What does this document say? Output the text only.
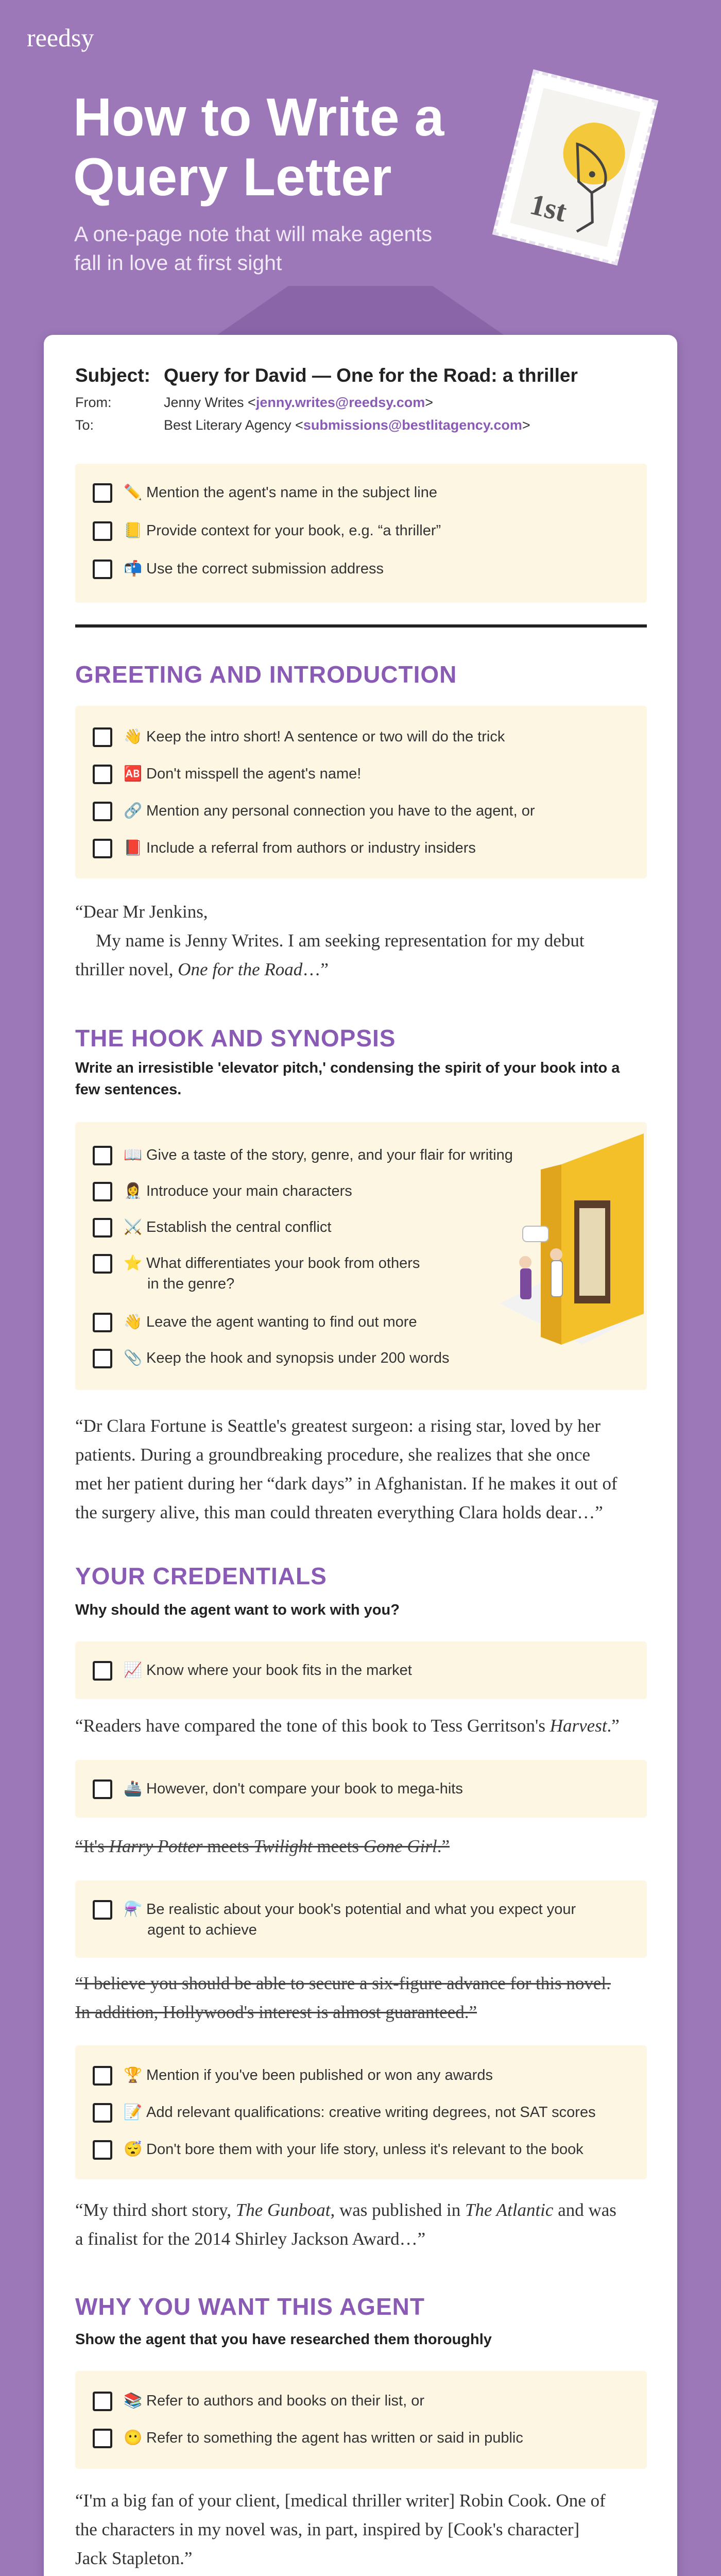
reedsy
How to Write a
Query Letter
A one-page note that will make agents
fall in love at first sight
1st
Subject: Query for David — One for the Road: a thriller
From:	Jenny Writes <jenny.writes@reedsy.com>
To:	Best Literary Agency <submissions@bestlitagency.com>
✏️ Mention the agent's name in the subject line
📒 Provide context for your book, e.g. “a thriller”
📬 Use the correct submission address
GREETING AND INTRODUCTION
👋 Keep the intro short! A sentence or two will do the trick
🆎 Don't misspell the agent's name!
🔗 Mention any personal connection you have to the agent, or
📕 Include a referral from authors or industry insiders
“Dear Mr Jenkins,
My name is Jenny Writes. I am seeking representation for my debut
thriller novel, One for the Road…”
THE HOOK AND SYNOPSIS
Write an irresistible 'elevator pitch,' condensing the spirit of your book into a
few sentences.
📖 Give a taste of the story, genre, and your flair for writing
👩‍⚕️ Introduce your main characters
⚔️ Establish the central conflict
⭐ What differentiates your book from others
in the genre?
👋 Leave the agent wanting to find out more
📎 Keep the hook and synopsis under 200 words
“Dr Clara Fortune is Seattle's greatest surgeon: a rising star, loved by her
patients. During a groundbreaking procedure, she realizes that she once
met her patient during her “dark days” in Afghanistan. If he makes it out of
the surgery alive, this man could threaten everything Clara holds dear…”
YOUR CREDENTIALS
Why should the agent want to work with you?
📈 Know where your book fits in the market
“Readers have compared the tone of this book to Tess Gerritson's Harvest.”
🚢 However, don't compare your book to mega-hits
“It's Harry Potter meets Twilight meets Gone Girl.”
⚗️ Be realistic about your book's potential and what you expect your
agent to achieve
“I believe you should be able to secure a six-figure advance for this novel.
In addition, Hollywood's interest is almost guaranteed.”
🏆 Mention if you've been published or won any awards
📝 Add relevant qualifications: creative writing degrees, not SAT scores
😴 Don't bore them with your life story, unless it's relevant to the book
“My third short story, The Gunboat, was published in The Atlantic and was
a finalist for the 2014 Shirley Jackson Award…”
WHY YOU WANT THIS AGENT
Show the agent that you have researched them thoroughly
📚 Refer to authors and books on their list, or
😶 Refer to something the agent has written or said in public
“I'm a big fan of your client, [medical thriller writer] Robin Cook. One of
the characters in my novel was, in part, inspired by [Cook's character]
Jack Stapleton.”
